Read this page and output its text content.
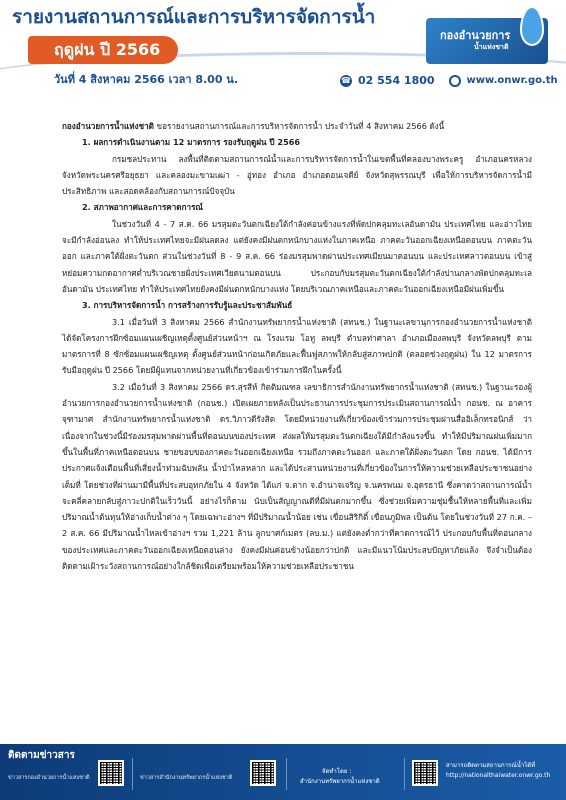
รายงานสถานการณ์และการบริหารจัดการน้ำ
ฤดูฝน ปี 2566
วันที่ 4 สิงหาคม 2566 เวลา 8.00 น.
กองอำนวยการ
น้ำแห่งชาติ
☎ 02 554 1800	www.onwr.go.th

กองอำนวยการน้ำแห่งชาติ ขอรายงานสถานการณ์และการบริหารจัดการน้ำ ประจำวันที่ 4 สิงหาคม 2566 ดังนี้

1. ผลการดำเนินงานตาม 12 มาตรการ รองรับฤดูฝน ปี 2566

กรมชลประทาน ลงพื้นที่ติดตามสถานการณ์น้ำและการบริหารจัดการน้ำในเขตพื้นที่คลองบางพระครู อำเภอนครหลวง จังหวัดพระนครศรีอยุธยา และคลองมะขามเฒ่า - อู่ทอง อำเภอ อำเภอดอนเจดีย์ จังหวัดสุพรรณบุรี เพื่อให้การบริหารจัดการน้ำมีประสิทธิภาพ และสอดคล้องกับสถานการณ์ปัจจุบัน

2. สภาพอากาศและการคาดการณ์

ในช่วงวันที่ 4 - 7 ส.ค. 66 มรสุมตะวันตกเฉียงใต้กำลังค่อนข้างแรงที่พัดปกคลุมทะเลอันดามัน ประเทศไทย และอ่าวไทยจะมีกำลังอ่อนลง ทำให้ประเทศไทยจะมีฝนลดลง แต่ยังคงมีฝนตกหนักบางแห่งในภาคเหนือ ภาคตะวันออกเฉียงเหนือตอนบน ภาคตะวันออก และภาคใต้ฝั่งตะวันตก ส่วนในช่วงวันที่ 8 - 9 ส.ค. 66 ร่องมรสุมพาดผ่านประเทศเมียนมาตอนบน และประเทศลาวตอนบน เข้าสู่หย่อมความกดอากาศต่ำบริเวณชายฝั่งประเทศเวียดนามตอนบน ประกอบกับมรสุมตะวันตกเฉียงใต้กำลังปานกลางพัดปกคลุมทะเลอันดามัน ประเทศไทย ทำให้ประเทศไทยยังคงมีฝนตกหนักบางแห่ง โดยบริเวณภาคเหนือและภาคตะวันออกเฉียงเหนือมีฝนเพิ่มขึ้น

3. การบริหารจัดการน้ำ การสร้างการรับรู้และประชาสัมพันธ์

3.1 เมื่อวันที่ 3 สิงหาคม 2566 สำนักงานทรัพยากรน้ำแห่งชาติ (สทนช.) ในฐานะเลขานุการกองอำนวยการน้ำแห่งชาติ ได้จัดโครงการฝึกซ้อมแผนเผชิญเหตุตั้งศูนย์ส่วนหน้าฯ ณ โรงแรม โอทู ลพบุรี ตำบลท่าศาลา อำเภอเมืองลพบุรี จังหวัดลพบุรี ตามมาตรการที่ 8 ซักซ้อมแผนเผชิญเหตุ ตั้งศูนย์ส่วนหน้าก่อนเกิดภัยและฟื้นฟูสภาพให้กลับสู่สภาพปกติ (ตลอดช่วงฤดูฝน) ใน 12 มาตรการรับมือฤดูฝน ปี 2566 โดยมีผู้แทนจากหน่วยงานที่เกี่ยวข้องเข้าร่วมการฝึกในครั้งนี้

3.2 เมื่อวันที่ 3 สิงหาคม 2566 ดร.สุรสีห์ กิตติมณฑล เลขาธิการสำนักงานทรัพยากรน้ำแห่งชาติ (สทนช.) ในฐานะรองผู้อำนวยการกองอำนวยการน้ำแห่งชาติ (กอนช.) เปิดเผยภายหลังเป็นประธานการประชุมการประเมินสถานการณ์น้ำ กอนช. ณ อาคารจุฑามาศ สำนักงานทรัพยากรน้ำแห่งชาติ ดร.วิภาวดีรังสิต โดยมีหน่วยงานที่เกี่ยวข้องเข้าร่วมการประชุมผ่านสื่ออิเล็กทรอนิกส์ ว่า เนื่องจากในช่วงนี้มีร่องมรสุมพาดผ่านพื้นที่ตอนบนของประเทศ ส่งผลให้มรสุมตะวันตกเฉียงใต้มีกำลังแรงขึ้น ทำให้มีปริมาณฝนเพิ่มมากขึ้นในพื้นที่ภาคเหนือตอนบน ชายขอบของภาคตะวันออกเฉียงเหนือ รวมถึงภาคตะวันออก และภาคใต้ฝั่งตะวันตก โดย กอนช. ได้มีการประกาศแจ้งเตือนพื้นที่เสี่ยงน้ำท่วมฉับพลัน น้ำป่าไหลหลาก และได้ประสานหน่วยงานที่เกี่ยวข้องในการให้ความช่วยเหลือประชาชนอย่างเต็มที่ โดยช่วงที่ผ่านมามีพื้นที่ประสบอุทกภัยใน 4 จังหวัด ได้แก่ จ.ตาก จ.อำนาจเจริญ จ.นครพนม จ.อุดรธานี ซึ่งคาดว่าสถานการณ์น้ำจะคลี่คลายกลับสู่ภาวะปกติในเร็ววันนี้ อย่างไรก็ตาม นับเป็นสัญญาณดีที่มีฝนตกมากขึ้น ซึ่งช่วยเพิ่มความชุ่มชื้นให้หลายพื้นที่และเพิ่มปริมาณน้ำต้นทุนให้อ่างเก็บน้ำต่าง ๆ โดยเฉพาะอ่างฯ ที่มีปริมาณน้ำน้อย เช่น เขื่อนสิริกิติ์ เขื่อนภูมิพล เป็นต้น โดยในช่วงวันที่ 27 ก.ค. – 2 ส.ค. 66 มีปริมาณน้ำไหลเข้าอ่างฯ รวม 1,221 ล้าน ลูกบาศก์เมตร (ลบ.ม.) แต่ยังคงต่ำกว่าที่คาดการณ์ไว้ ประกอบกับพื้นที่ตอนกลางของประเทศและภาคตะวันออกเฉียงเหนือตอนล่าง ยังคงมีฝนค่อนข้างน้อยกว่าปกติ และมีแนวโน้มประสบปัญหาภัยแล้ง จึงจำเป็นต้องติดตามเฝ้าระวังสถานการณ์อย่างใกล้ชิดเพื่อเตรียมพร้อมให้ความช่วยเหลือประชาชน

ติดตามข่าวสาร
ข่าวสารกองอำนวยการน้ำแห่งชาติ	ข่าวสารสำนักงานทรัพยากรน้ำแห่งชาติ
จัดทำโดย :
สำนักงานทรัพยากรน้ำแห่งชาติ
สามารถติดตามสถานการณ์น้ำได้ที่
http://nationalthaiwater.onwr.go.th
